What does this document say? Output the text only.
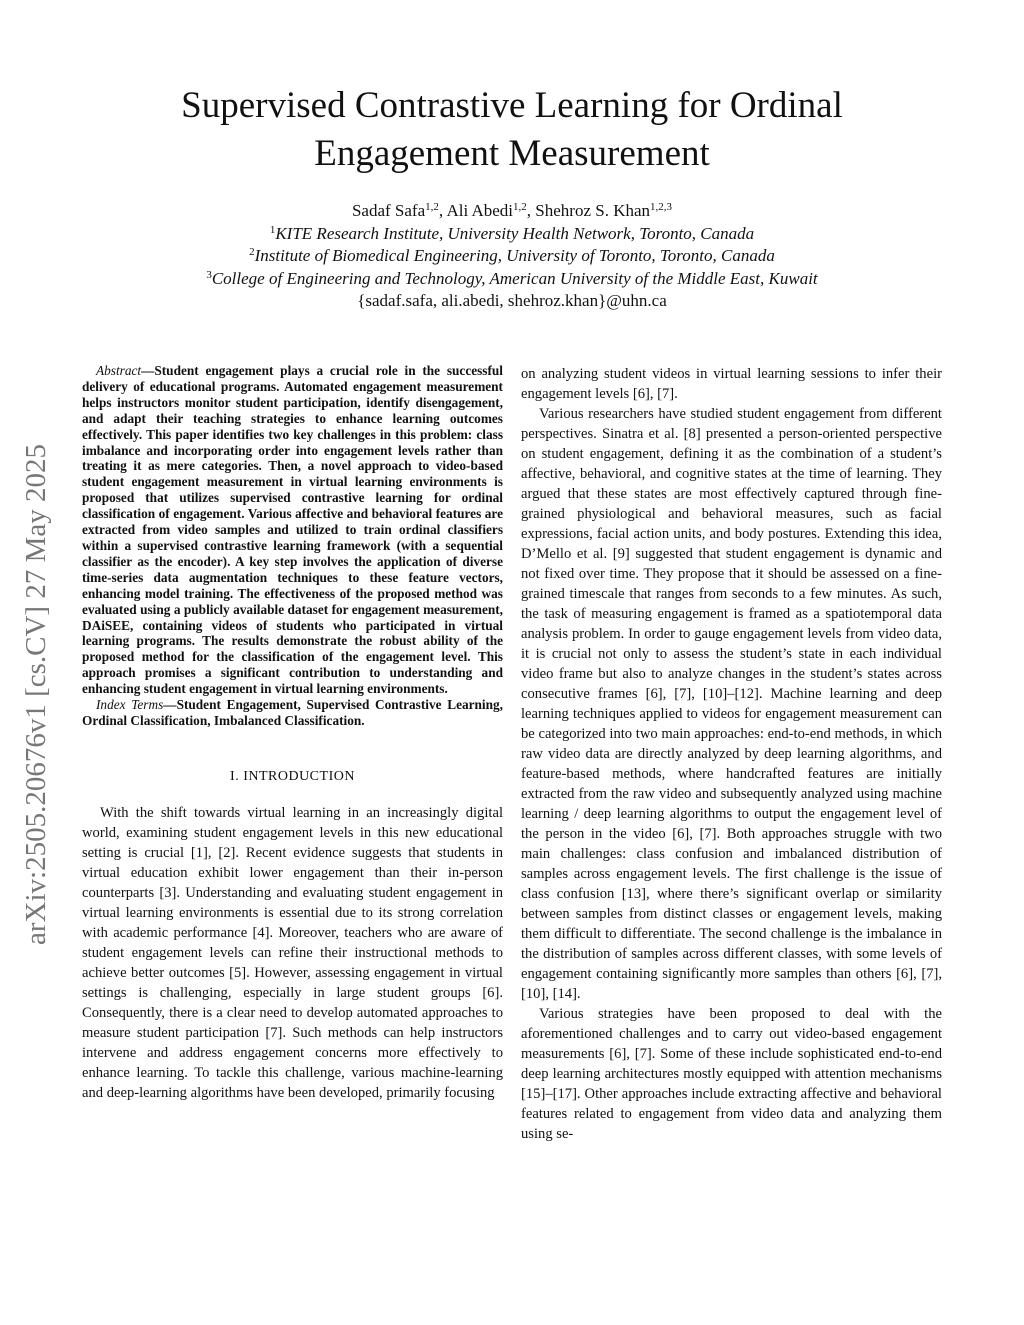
arXiv:2505.20676v1 [cs.CV] 27 May 2025
Supervised Contrastive Learning for Ordinal Engagement Measurement
Sadaf Safa$^{1,2}$, Ali Abedi$^{1,2}$, Shehroz S. Khan$^{1,2,3}$
$^1$KITE Research Institute, University Health Network, Toronto, Canada
$^2$Institute of Biomedical Engineering, University of Toronto, Toronto, Canada
$^3$College of Engineering and Technology, American University of the Middle East, Kuwait
{sadaf.safa, ali.abedi, shehroz.khan}@uhn.ca

Abstract—Student engagement plays a crucial role in the successful delivery of educational programs. Automated engagement measurement helps instructors monitor student participation, identify disengagement, and adapt their teaching strategies to enhance learning outcomes effectively. This paper identifies two key challenges in this problem: class imbalance and incorporating order into engagement levels rather than treating it as mere categories. Then, a novel approach to video-based student engagement measurement in virtual learning environments is proposed that utilizes supervised contrastive learning for ordinal classification of engagement. Various affective and behavioral features are extracted from video samples and utilized to train ordinal classifiers within a supervised contrastive learning framework (with a sequential classifier as the encoder). A key step involves the application of diverse time-series data augmentation techniques to these feature vectors, enhancing model training. The effectiveness of the proposed method was evaluated using a publicly available dataset for engagement measurement, DAiSEE, containing videos of students who participated in virtual learning programs. The results demonstrate the robust ability of the proposed method for the classification of the engagement level. This approach promises a significant contribution to understanding and enhancing student engagement in virtual learning environments.

Index Terms—Student Engagement, Supervised Contrastive Learning, Ordinal Classification, Imbalanced Classification.

I. INTRODUCTION

With the shift towards virtual learning in an increasingly digital world, examining student engagement levels in this new educational setting is crucial [1], [2]. Recent evidence suggests that students in virtual education exhibit lower engagement than their in-person counterparts [3]. Understanding and evaluating student engagement in virtual learning environments is essential due to its strong correlation with academic performance [4]. Moreover, teachers who are aware of student engagement levels can refine their instructional methods to achieve better outcomes [5]. However, assessing engagement in virtual settings is challenging, especially in large student groups [6]. Consequently, there is a clear need to develop automated approaches to measure student participation [7]. Such methods can help instructors intervene and address engagement concerns more effectively to enhance learning. To tackle this challenge, various machine-learning and deep-learning algorithms have been developed, primarily focusing

on analyzing student videos in virtual learning sessions to infer their engagement levels [6], [7].

Various researchers have studied student engagement from different perspectives. Sinatra et al. [8] presented a person-oriented perspective on student engagement, defining it as the combination of a student’s affective, behavioral, and cognitive states at the time of learning. They argued that these states are most effectively captured through fine-grained physiological and behavioral measures, such as facial expressions, facial action units, and body postures. Extending this idea, D’Mello et al. [9] suggested that student engagement is dynamic and not fixed over time. They propose that it should be assessed on a fine-grained timescale that ranges from seconds to a few minutes. As such, the task of measuring engagement is framed as a spatiotemporal data analysis problem. In order to gauge engagement levels from video data, it is crucial not only to assess the student’s state in each individual video frame but also to analyze changes in the student’s states across consecutive frames [6], [7], [10]–[12]. Machine learning and deep learning techniques applied to videos for engagement measurement can be categorized into two main approaches: end-to-end methods, in which raw video data are directly analyzed by deep learning algorithms, and feature-based methods, where handcrafted features are initially extracted from the raw video and subsequently analyzed using machine learning / deep learning algorithms to output the engagement level of the person in the video [6], [7]. Both approaches struggle with two main challenges: class confusion and imbalanced distribution of samples across engagement levels. The first challenge is the issue of class confusion [13], where there’s significant overlap or similarity between samples from distinct classes or engagement levels, making them difficult to differentiate. The second challenge is the imbalance in the distribution of samples across different classes, with some levels of engagement containing significantly more samples than others [6], [7], [10], [14].

Various strategies have been proposed to deal with the aforementioned challenges and to carry out video-based engagement measurements [6], [7]. Some of these include sophisticated end-to-end deep learning architectures mostly equipped with attention mechanisms [15]–[17]. Other approaches include extracting affective and behavioral features related to engagement from video data and analyzing them using se-
